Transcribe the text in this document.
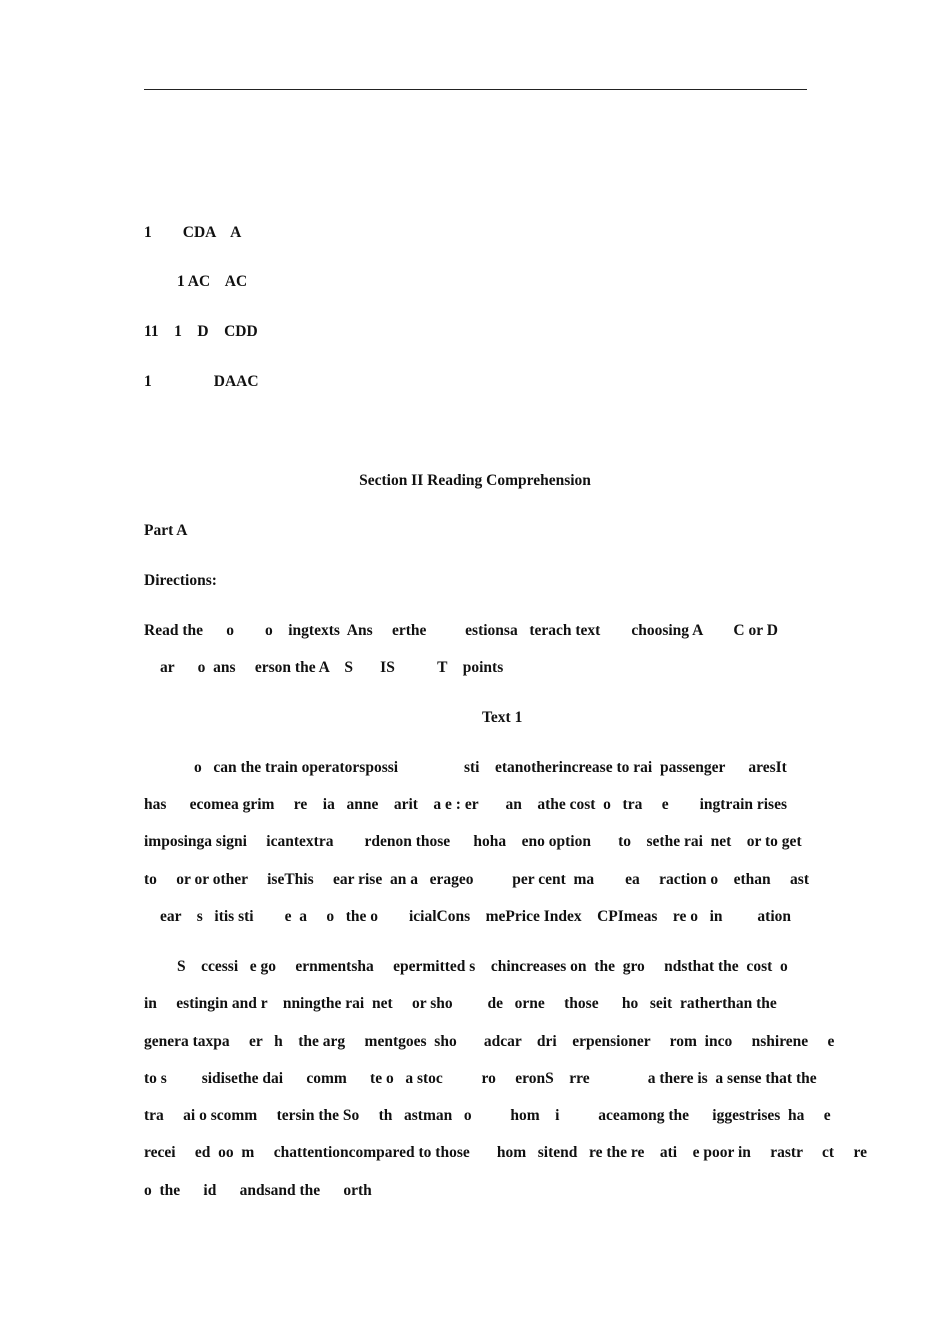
1        CDA    A
1 AC    AC
11    1    D    CDD
1                DAAC
Section II Reading Comprehension
Part A
Directions:
Read the      o        o    ingtexts  Ans     erthe          estionsa   terach text        choosing A        C or D
ar      o  ans     erson the A    S       IS           T    points
Text 1
o   can the train operatorspossi                 sti    etanotherincrease to rai  passenger      aresIt
has      ecomea grim     re    ia   anne    arit    a e : er       an    athe cost  o   tra     e        ingtrain rises
imposinga signi     icantextra        rdenon those      hoha    eno option       to    sethe rai  net    or to get
to     or or other     iseThis     ear rise  an a   erageo          per cent  ma        ea     raction o    ethan     ast
ear    s   itis sti        e  a     o   the o        icialCons    mePrice Index    CPImeas    re o   in         ation
S    ccessi   e go     ernmentsha     epermitted s    chincreases on  the  gro     ndsthat the  cost  o
in     estingin and r    nningthe rai  net     or sho         de   orne     those      ho   seit  ratherthan the
genera taxpa     er   h    the arg     mentgoes  sho       adcar    dri    erpensioner     rom  inco     nshirene     e
to s         sidisethe dai      comm      te o   a stoc          ro     eronS    rre               a there is  a sense that the
tra     ai o scomm     tersin the So     th   astman   o          hom    i          aceamong the      iggestrises  ha     e
recei     ed  oo  m     chattentioncompared to those       hom   sitend   re the re    ati    e poor in     rastr     ct     re
o  the      id      andsand the      orth
